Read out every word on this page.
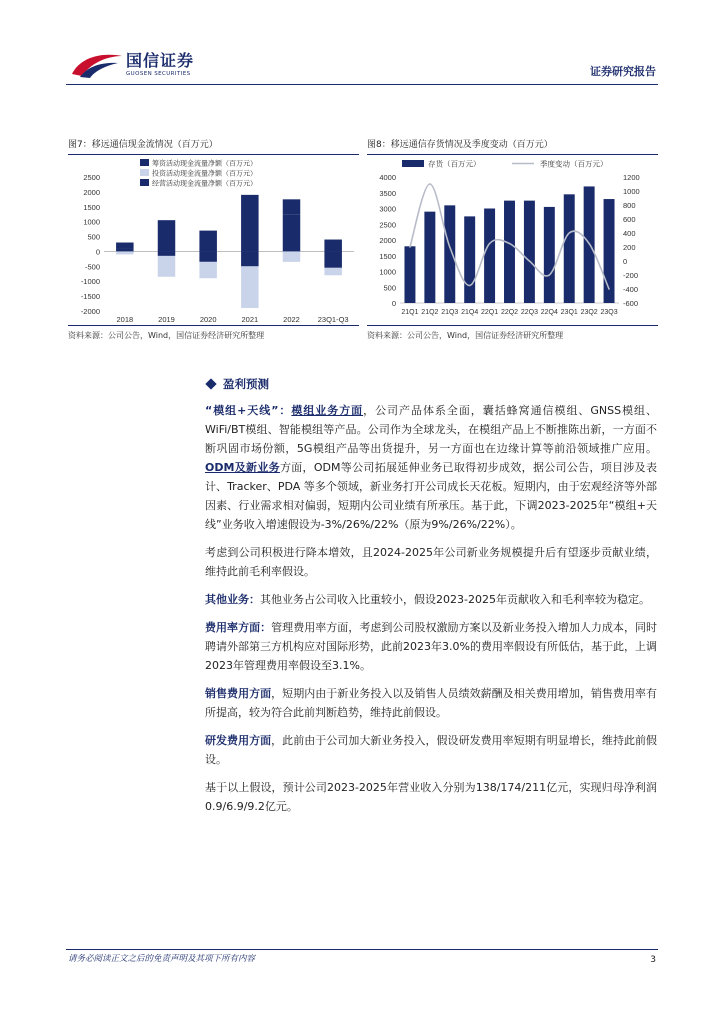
国信证券
GUOSEN SECURITIES	证券研究报告
图7：移远通信现金流情况（百万元）
2500
2000
1500
1000
500
0
-500
-1000
-1500
-2000
2018	2019	2020	2021	2022 23Q1-Q3
筹资活动现金流量净额（百万元）
投资活动现金流量净额（百万元）
经营活动现金流量净额（百万元）
资料来源：公司公告，Wind，国信证券经济研究所整理
图8：移远通信存货情况及季度变动（百万元）
4000
3500
3000
2500
2000
1500
1000
500
0
1200
1000
800
600
400
200
0
-200
-400
-600
21Q1 21Q2 21Q3 21Q4 22Q1 22Q2 22Q3 22Q4 23Q1 23Q2 23Q3
存货（百万元）	季度变动（百万元）
资料来源：公司公告，Wind，国信证券经济研究所整理
盈利预测
“模组+天线”：模组业务方面，公司产品体系全面，囊括蜂窝通信模组、GNSS模组、WiFi/BT模组、智能模组等产品。公司作为全球龙头，在模组产品上不断推陈出新，一方面不断巩固市场份额，5G模组产品等出货提升，另一方面也在边缘计算等前沿领域推广应用。ODM及新业务方面，ODM等公司拓展延伸业务已取得初步成效，据公司公告，项目涉及表计、Tracker、PDA 等多个领域，新业务打开公司成长天花板。短期内，由于宏观经济等外部因素、行业需求相对偏弱，短期内公司业绩有所承压。基于此，下调2023-2025年“模组+天线”业务收入增速假设为-3%/26%/22%（原为9%/26%/22%）。
考虑到公司积极进行降本增效，且2024-2025年公司新业务规模提升后有望逐步贡献业绩，维持此前毛利率假设。
其他业务：其他业务占公司收入比重较小，假设2023-2025年贡献收入和毛利率较为稳定。
费用率方面：管理费用率方面，考虑到公司股权激励方案以及新业务投入增加人力成本，同时聘请外部第三方机构应对国际形势，此前2023年3.0%的费用率假设有所低估，基于此，上调2023年管理费用率假设至3.1%。
销售费用方面，短期内由于新业务投入以及销售人员绩效薪酬及相关费用增加，销售费用率有所提高，较为符合此前判断趋势，维持此前假设。
研发费用方面，此前由于公司加大新业务投入，假设研发费用率短期有明显增长，维持此前假设。
基于以上假设，预计公司2023-2025年营业收入分别为138/174/211亿元，实现归母净利润0.9/6.9/9.2亿元。
请务必阅读正文之后的免责声明及其项下所有内容	3
